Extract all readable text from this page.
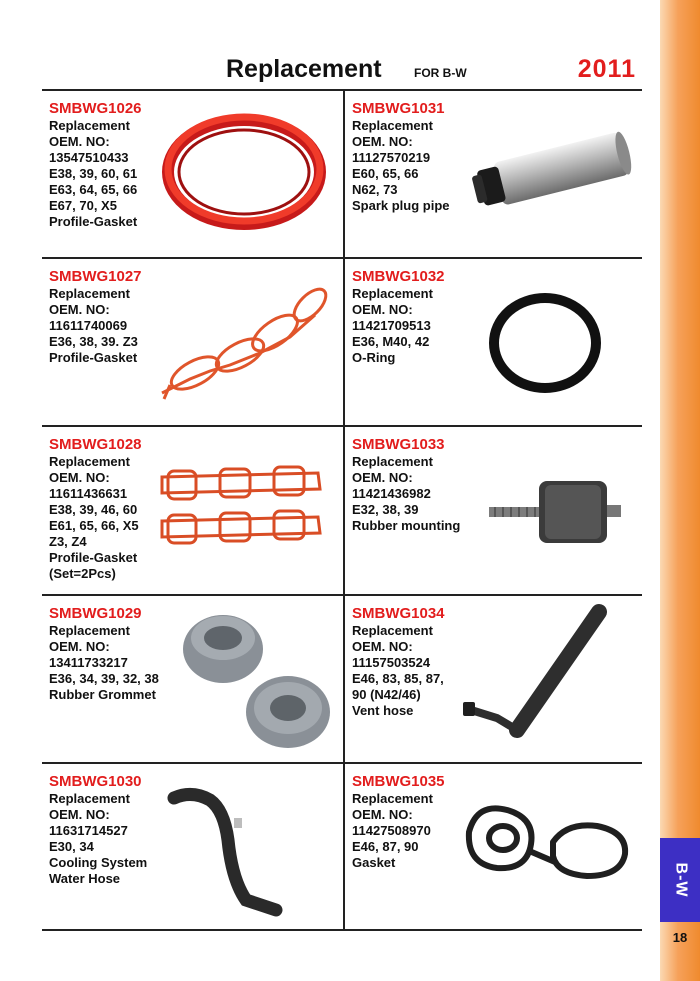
B-W
18
Replacement	FOR B-W	2011
SMBWG1026
Replacement
OEM. NO:
13547510433
E38, 39, 60, 61
E63, 64, 65, 66
E67, 70, X5
Profile-Gasket
SMBWG1031
Replacement
OEM. NO:
11127570219
E60, 65, 66
N62, 73
Spark plug pipe
SMBWG1027
Replacement
OEM. NO:
11611740069
E36, 38, 39. Z3
Profile-Gasket
SMBWG1032
Replacement
OEM. NO:
11421709513
E36, M40, 42
O-Ring
SMBWG1028
Replacement
OEM. NO:
11611436631
E38, 39, 46, 60
E61, 65, 66, X5
Z3, Z4
Profile-Gasket
(Set=2Pcs)
SMBWG1033
Replacement
OEM. NO:
11421436982
E32, 38, 39
Rubber mounting
SMBWG1029
Replacement
OEM. NO:
13411733217
E36, 34, 39, 32, 38
Rubber Grommet
SMBWG1034
Replacement
OEM. NO:
11157503524
E46, 83, 85, 87,
90 (N42/46)
Vent hose
SMBWG1030
Replacement
OEM. NO:
11631714527
E30, 34
Cooling System
Water Hose
SMBWG1035
Replacement
OEM. NO:
11427508970
E46, 87, 90
Gasket
